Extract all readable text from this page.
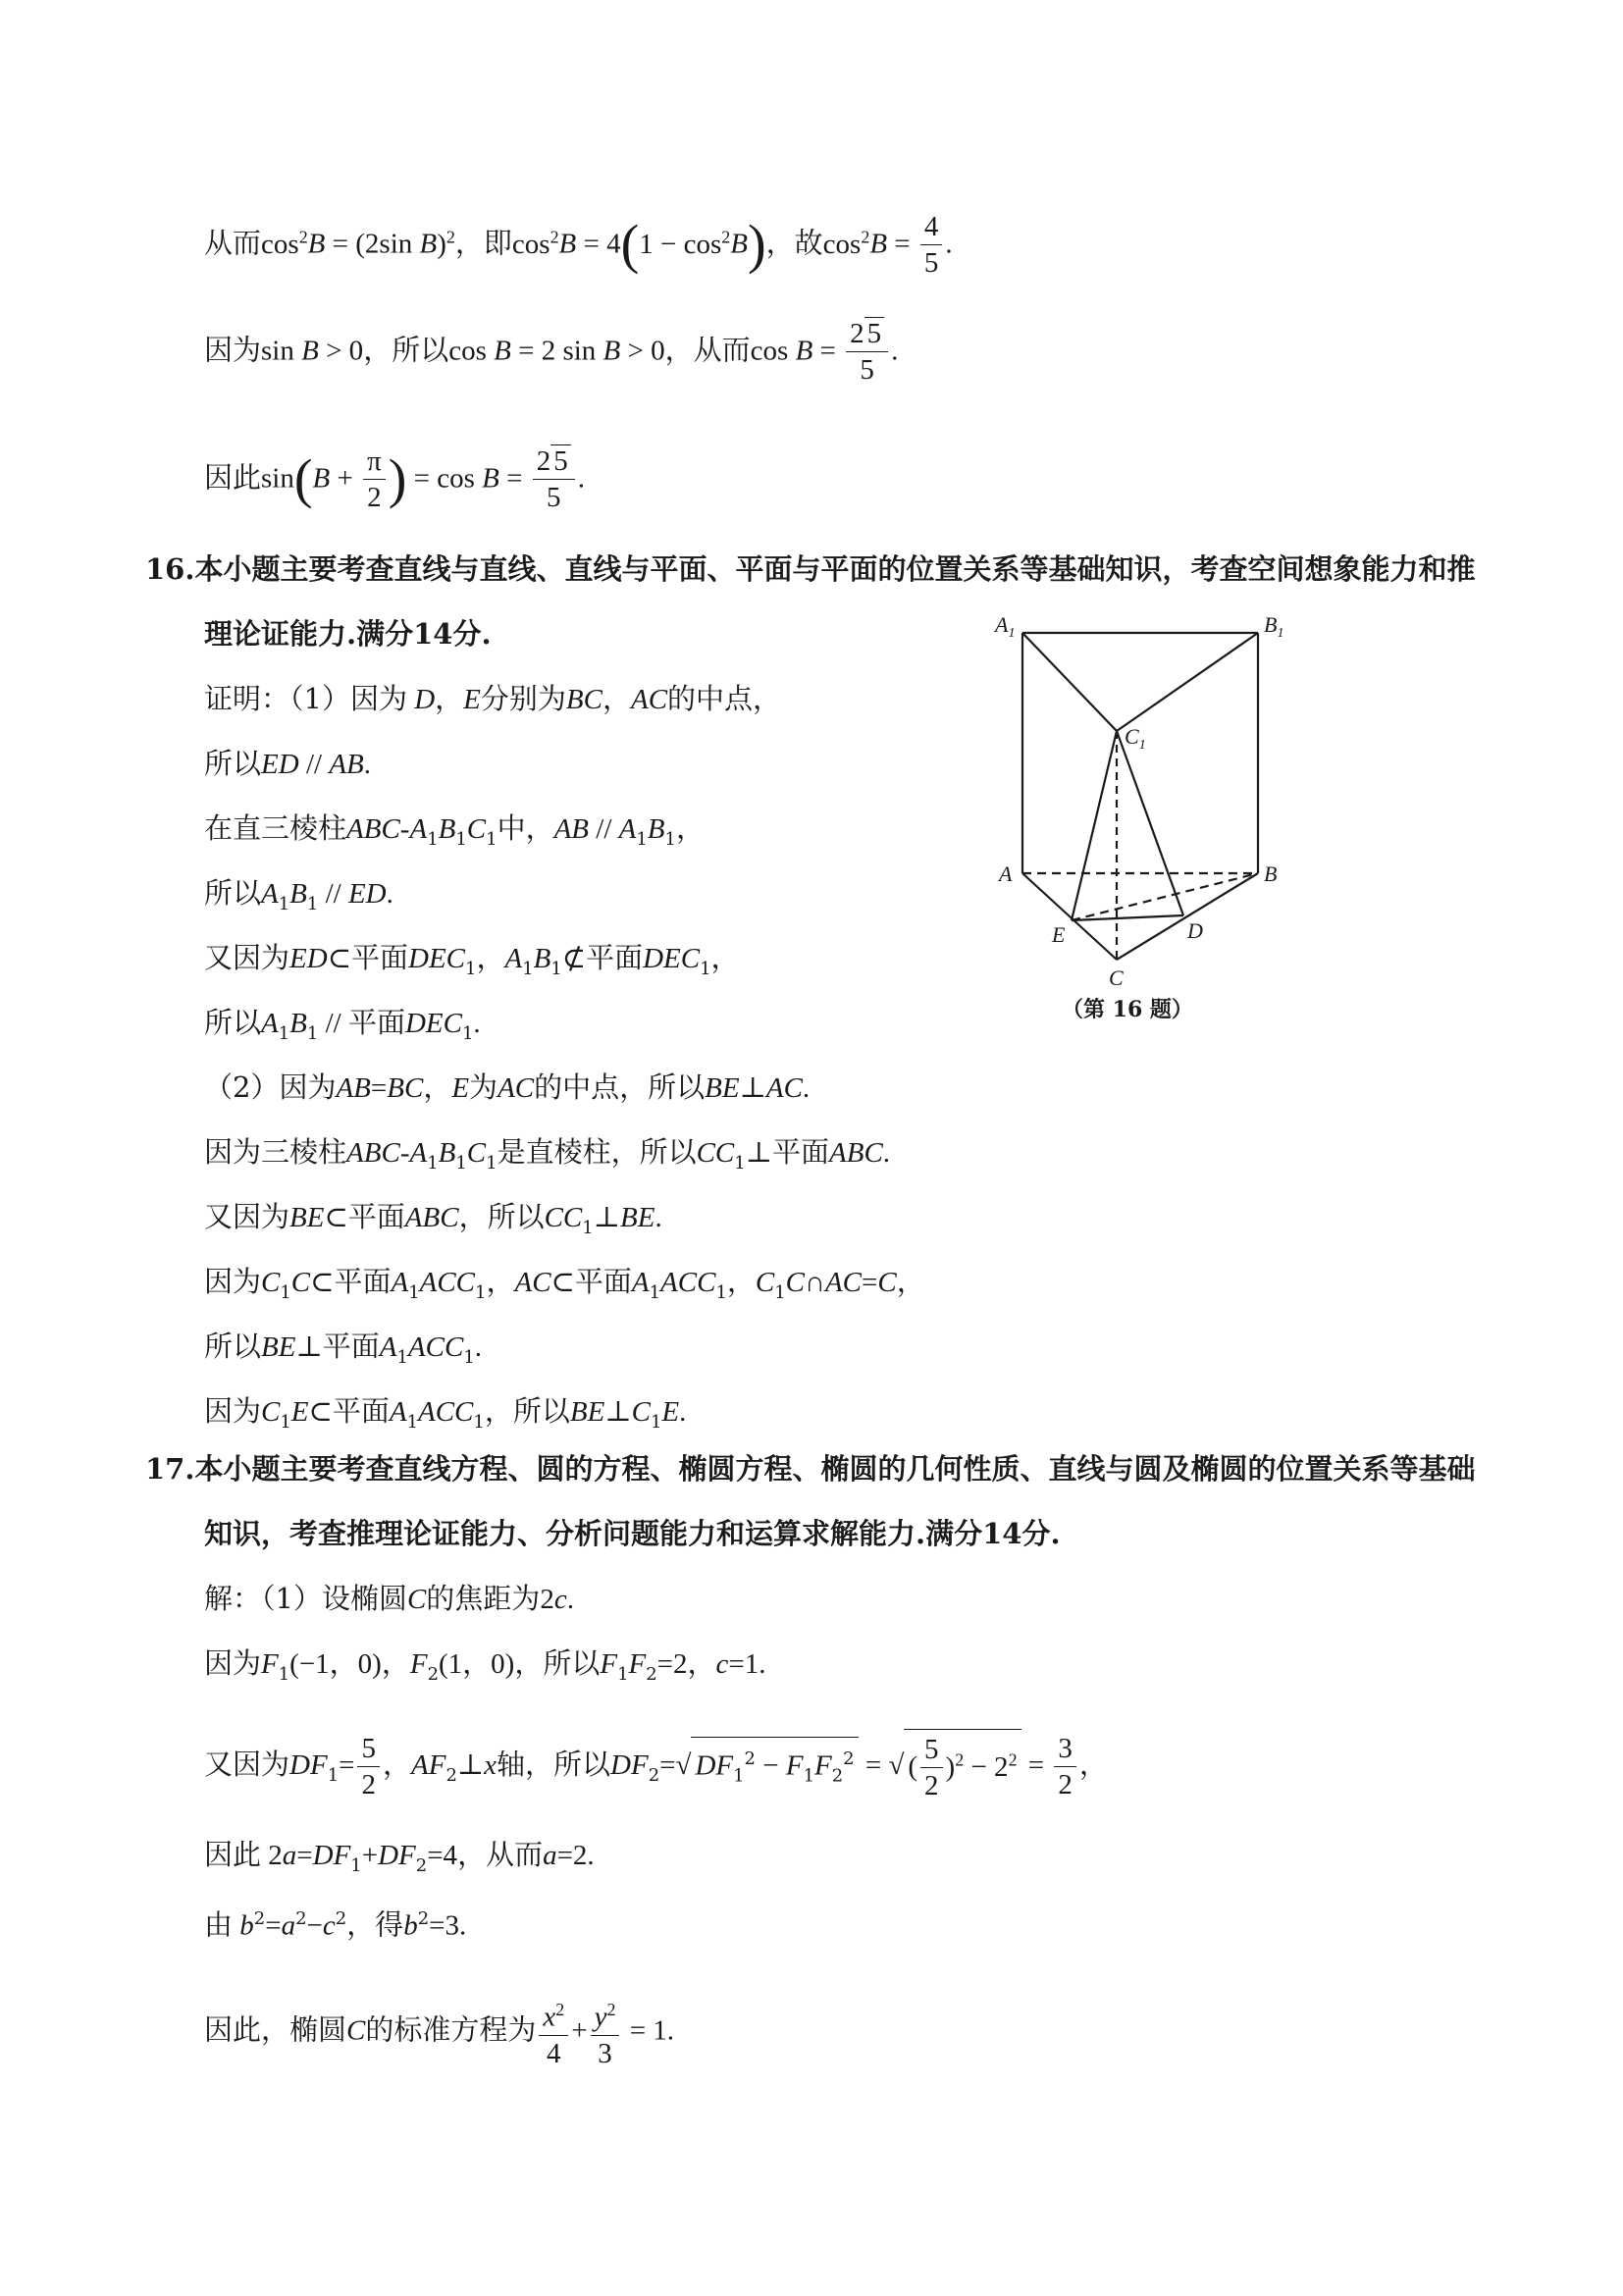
从而$\cos^2B = (2\sin$ B)$^2$，即$\cos^2B = 4(1 - \cos^2B)$，故$\cos^2B = \frac{4}{5}$ .
因为sin B > 0，所以cos B = 2 sin B > 0，从而$\cos B = \frac{2 5}{5}$ .
因此$\sin(B + \frac{\pi}{2}$ ) = $\cos B = \frac{2 5}{5}$ .
16.本小题主要考查直线与直线、直线与平面、平面与平面的位置关系等基础知识，考查空间想象能力和推
理论证能力.满分14分.
证明：（1）因为 D，E分别为BC，AC的中点，
所以ED // AB.
在直三棱柱ABC-$A_1B_1C_1$中，AB // $A_1B_1$，
所以$A_1B_1$ // ED.
又因为ED⊂平面$DEC_1$，$A_1B_1⊄$平面$DEC_1$，
所以$A_1B_1$ // 平面$DEC_1$.
（2）因为AB=BC，E为AC的中点，所以BE⊥AC.
因为三棱柱ABC-$A_1B_1C_1$是直棱柱，所以$CC_1\perp$平面ABC.
又因为BE⊂平面ABC，所以$CC_1\perp BE$.
因为$C_1C\subset$平面$A_1ACC_1$，AC⊂平面$A_1ACC_1$，$C_1C\cap AC=C$，
所以BE⊥平面$A_1ACC_1$.
因为$C_1E\subset$平面$A_1ACC_1$，所以$BE\perp C_1E$.
$A_1$	$B_1$
$C_1$
A	B
E	D
C
（第 16 题）
17.本小题主要考查直线方程、圆的方程、椭圆方程、椭圆的几何性质、直线与圆及椭圆的位置关系等基础
知识，考查推理论证能力、分析问题能力和运算求解能力.满分14分.
解：（1）设椭圆C的焦距为2c.
因为$F_1(-1$，0)，$F_2(1$，0)，所以$F_1F_2=2$，c=1.
又因为$DF_1= \frac{5}{2}$ ，$AF_2\perp x$轴，所以$DF_2=√$ $DF_1^2 - F_1F_2^2$ = √ ( $\frac{5}{2} )^2 - 2^2 = \frac{3}{2}$ ，
因此 $2a=DF_1+DF_2=4$，从而a=2.
由 $b^2=a^2-c^2$，得$b^2=3$.
因此，椭圆C的标准方程为 $\frac{x^2}{4} + \frac{y^2}{3} = 1$.
